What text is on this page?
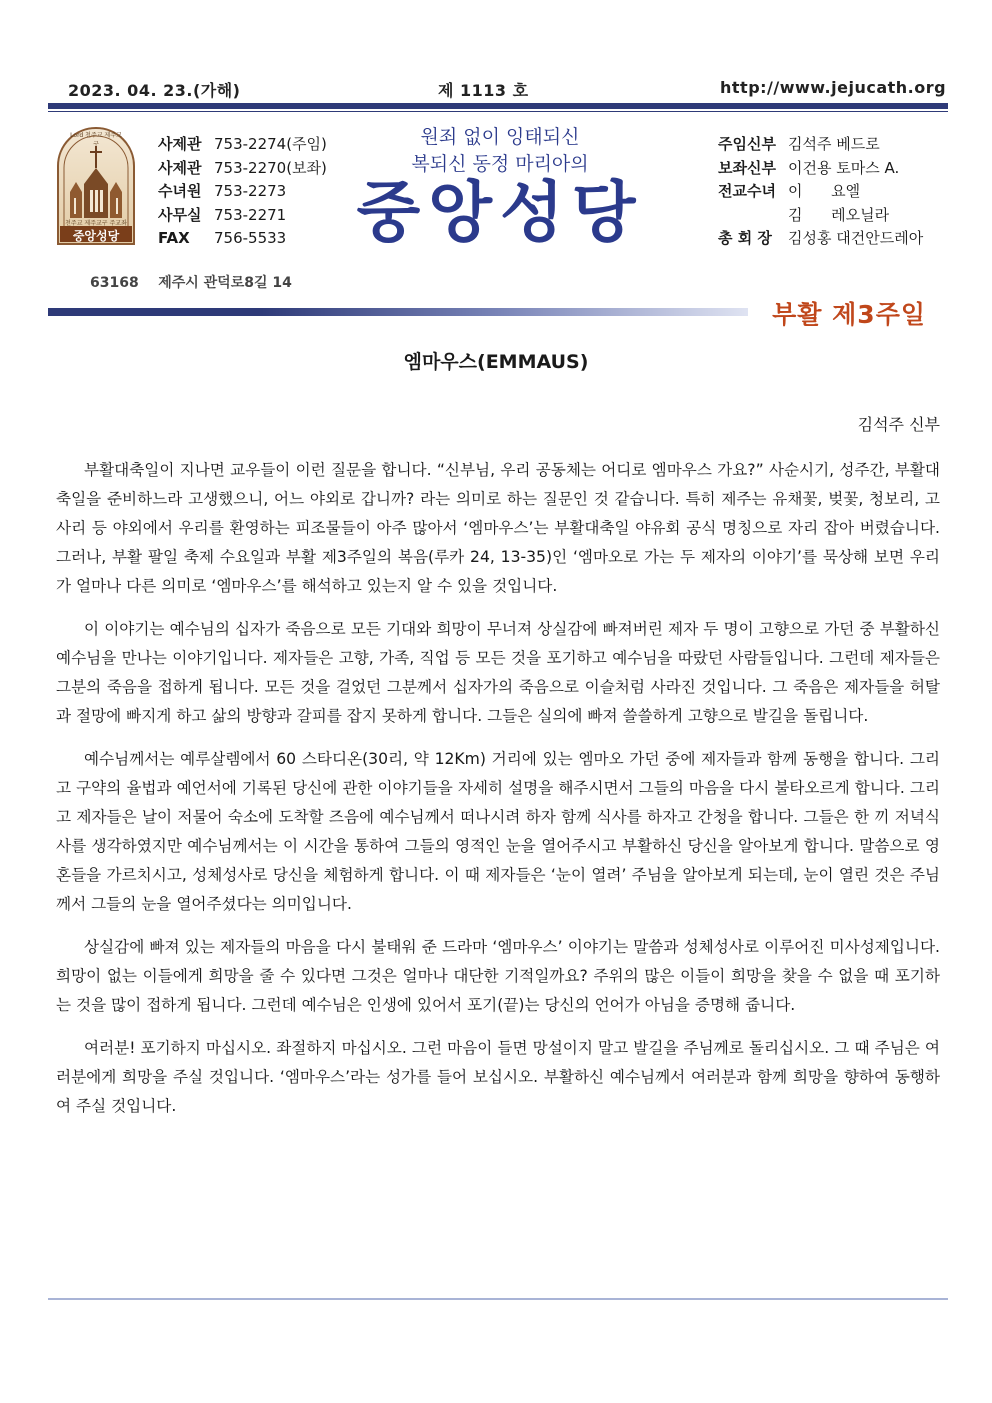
2023. 04. 23.(가해)	제 1113 호	http://www.jejucath.org
천주교 제주교구 주교좌
중앙성당
Lord 천주교 제주교구	사제관 753-2274(주임)
사제관 753-2270(보좌)
수녀원 753-2273
사무실 753-2271
FAX 756-5533
원죄 없이 잉태되신
복되신 동정 마리아의
중앙성당
주임신부 김석주 베드로
보좌신부 이건용 토마스 A.
전교수녀 이      요엘
김      레오닐라
총 회 장 김성홍 대건안드레아
63168    제주시 관덕로8길 14
부활 제3주일
엠마우스(EMMAUS)
김석주 신부

부활대축일이 지나면 교우들이 이런 질문을 합니다. “신부님, 우리 공동체는 어디로 엠마우스 가요?” 사순시기, 성주간, 부활대축일을 준비하느라 고생했으니, 어느 야외로 갑니까? 라는 의미로 하는 질문인 것 같습니다. 특히 제주는 유채꽃, 벚꽃, 청보리, 고사리 등 야외에서 우리를 환영하는 피조물들이 아주 많아서 ‘엠마우스’는 부활대축일 야유회 공식 명칭으로 자리 잡아 버렸습니다. 그러나, 부활 팔일 축제 수요일과 부활 제3주일의 복음(루카 24, 13-35)인 ‘엠마오로 가는 두 제자의 이야기’를 묵상해 보면 우리가 얼마나 다른 의미로 ‘엠마우스’를 해석하고 있는지 알 수 있을 것입니다.

이 이야기는 예수님의 십자가 죽음으로 모든 기대와 희망이 무너져 상실감에 빠져버린 제자 두 명이 고향으로 가던 중 부활하신 예수님을 만나는 이야기입니다. 제자들은 고향, 가족, 직업 등 모든 것을 포기하고 예수님을 따랐던 사람들입니다. 그런데 제자들은 그분의 죽음을 접하게 됩니다. 모든 것을 걸었던 그분께서 십자가의 죽음으로 이슬처럼 사라진 것입니다. 그 죽음은 제자들을 허탈과 절망에 빠지게 하고 삶의 방향과 갈피를 잡지 못하게 합니다. 그들은 실의에 빠져 쓸쓸하게 고향으로 발길을 돌립니다.

예수님께서는 예루살렘에서 60 스타디온(30리, 약 12Km) 거리에 있는 엠마오 가던 중에 제자들과 함께 동행을 합니다. 그리고 구약의 율법과 예언서에 기록된 당신에 관한 이야기들을 자세히 설명을 해주시면서 그들의 마음을 다시 불타오르게 합니다. 그리고 제자들은 날이 저물어 숙소에 도착할 즈음에 예수님께서 떠나시려 하자 함께 식사를 하자고 간청을 합니다. 그들은 한 끼 저녁식사를 생각하였지만 예수님께서는 이 시간을 통하여 그들의 영적인 눈을 열어주시고 부활하신 당신을 알아보게 합니다. 말씀으로 영혼들을 가르치시고, 성체성사로 당신을 체험하게 합니다. 이 때 제자들은 ‘눈이 열려’ 주님을 알아보게 되는데, 눈이 열린 것은 주님께서 그들의 눈을 열어주셨다는 의미입니다.

상실감에 빠져 있는 제자들의 마음을 다시 불태워 준 드라마 ‘엠마우스’ 이야기는 말씀과 성체성사로 이루어진 미사성제입니다. 희망이 없는 이들에게 희망을 줄 수 있다면 그것은 얼마나 대단한 기적일까요? 주위의 많은 이들이 희망을 찾을 수 없을 때 포기하는 것을 많이 접하게 됩니다. 그런데 예수님은 인생에 있어서 포기(끝)는 당신의 언어가 아님을 증명해 줍니다.

여러분! 포기하지 마십시오. 좌절하지 마십시오. 그런 마음이 들면 망설이지 말고 발길을 주님께로 돌리십시오. 그 때 주님은 여러분에게 희망을 주실 것입니다. ‘엠마우스’라는 성가를 들어 보십시오. 부활하신 예수님께서 여러분과 함께 희망을 향하여 동행하여 주실 것입니다.
